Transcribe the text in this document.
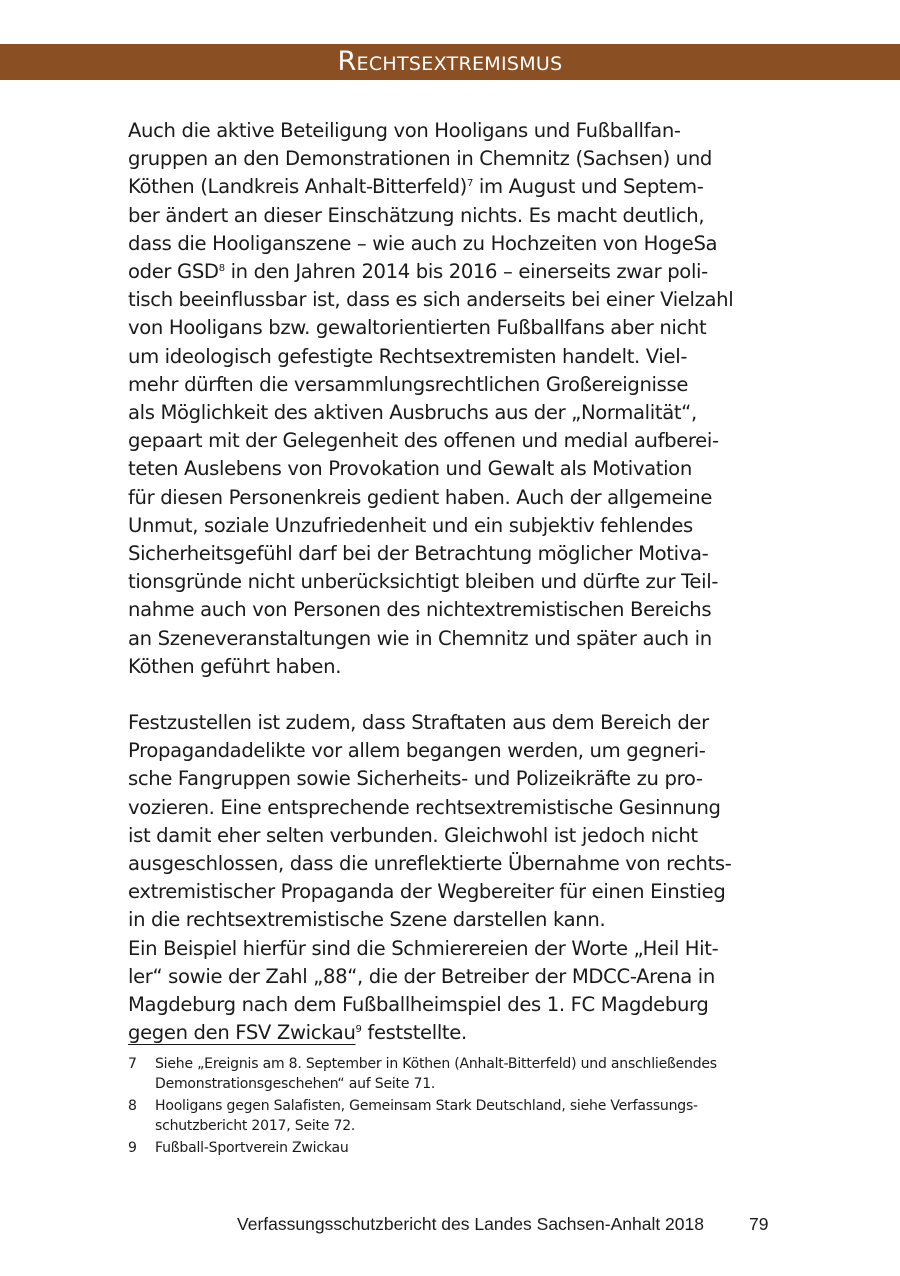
Rechtsextremismus
Auch die aktive Beteiligung von Hooligans und Fußballfan-
gruppen an den Demonstrationen in Chemnitz (Sachsen) und
Köthen (Landkreis Anhalt-Bitterfeld)$^7$ im August und Septem-
ber ändert an dieser Einschätzung nichts. Es macht deutlich,
dass die Hooliganszene – wie auch zu Hochzeiten von HogeSa
oder GSD$^8$ in den Jahren 2014 bis 2016 – einerseits zwar poli-
tisch beeinflussbar ist, dass es sich anderseits bei einer Vielzahl
von Hooligans bzw. gewaltorientierten Fußballfans aber nicht
um ideologisch gefestigte Rechtsextremisten handelt. Viel-
mehr dürften die versammlungsrechtlichen Großereignisse
als Möglichkeit des aktiven Ausbruchs aus der „Normalität“,
gepaart mit der Gelegenheit des offenen und medial aufberei-
teten Auslebens von Provokation und Gewalt als Motivation
für diesen Personenkreis gedient haben. Auch der allgemeine
Unmut, soziale Unzufriedenheit und ein subjektiv fehlendes
Sicherheitsgefühl darf bei der Betrachtung möglicher Motiva-
tionsgründe nicht unberücksichtigt bleiben und dürfte zur Teil-
nahme auch von Personen des nichtextremistischen Bereichs
an Szeneveranstaltungen wie in Chemnitz und später auch in
Köthen geführt haben.
Festzustellen ist zudem, dass Straftaten aus dem Bereich der
Propagandadelikte vor allem begangen werden, um gegneri-
sche Fangruppen sowie Sicherheits- und Polizeikräfte zu pro-
vozieren. Eine entsprechende rechtsextremistische Gesinnung
ist damit eher selten verbunden. Gleichwohl ist jedoch nicht
ausgeschlossen, dass die unreflektierte Übernahme von rechts-
extremistischer Propaganda der Wegbereiter für einen Einstieg
in die rechtsextremistische Szene darstellen kann.
Ein Beispiel hierfür sind die Schmierereien der Worte „Heil Hit-
ler“ sowie der Zahl „88“, die der Betreiber der MDCC-Arena in
Magdeburg nach dem Fußballheimspiel des 1. FC Magdeburg
gegen den FSV Zwickau$^9$ feststellte.
7	Siehe „Ereignis am 8. September in Köthen (Anhalt-Bitterfeld) und anschließendes
Demonstrationsgeschehen“ auf Seite 71.
8	Hooligans gegen Salafisten, Gemeinsam Stark Deutschland, siehe Verfassungs-
schutzbericht 2017, Seite 72.
9	Fußball-Sportverein Zwickau
Verfassungsschutzbericht des Landes Sachsen-Anhalt 2018	79
